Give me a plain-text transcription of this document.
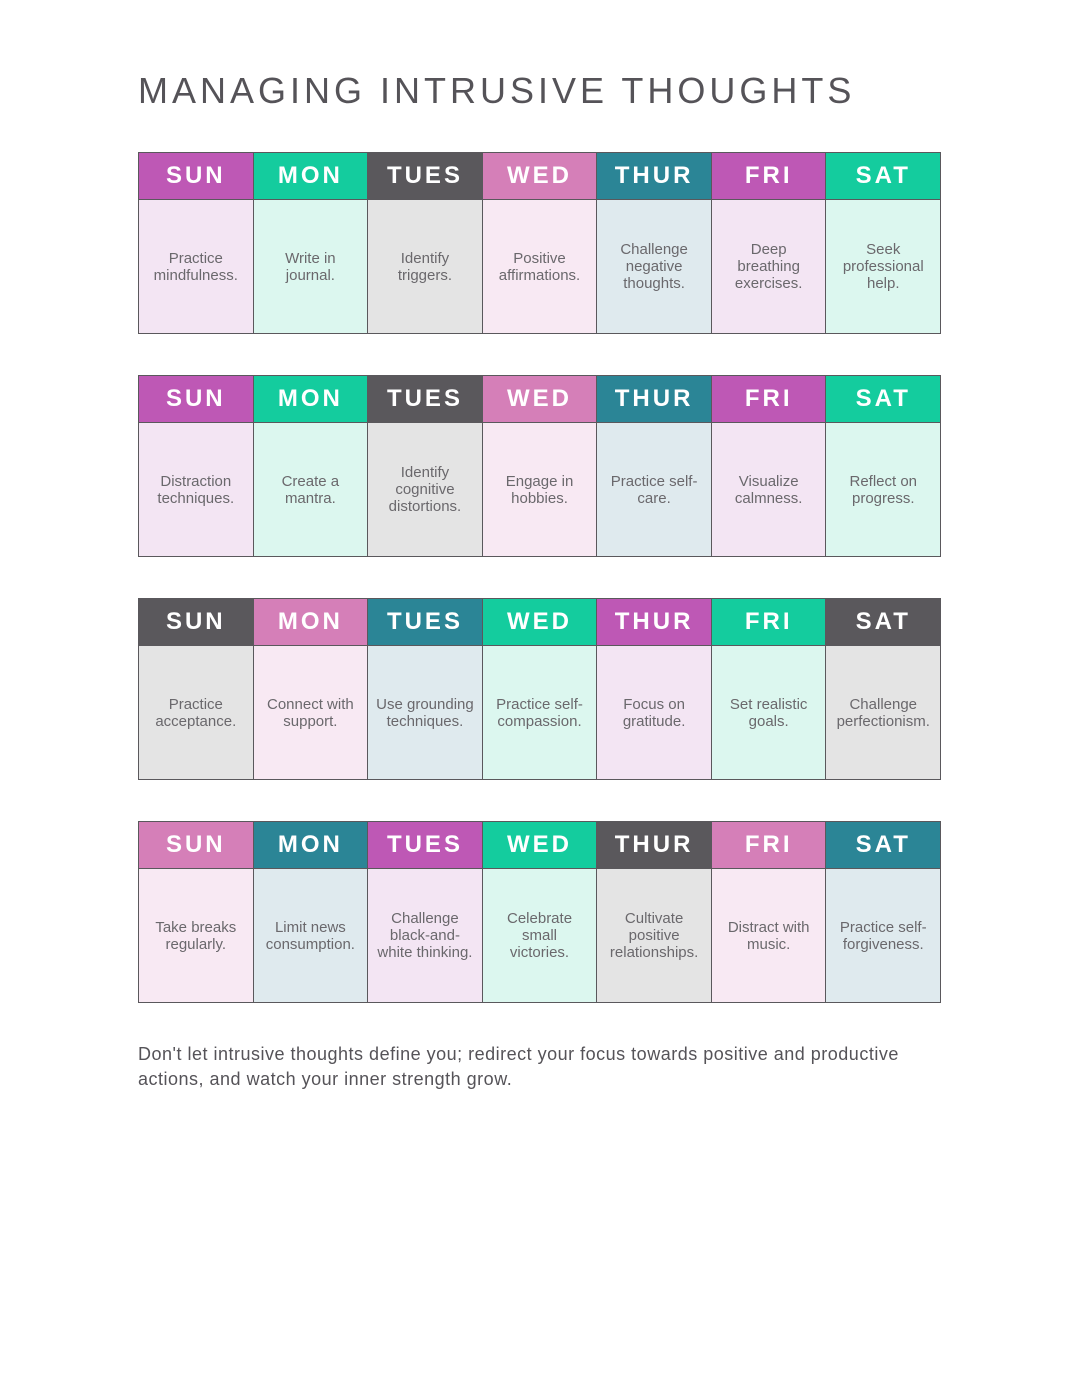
MANAGING INTRUSIVE THOUGHTS
SUN
Practice mindfulness.
MON
Write in journal.
TUES
Identify triggers.
WED
Positive affirmations.
THUR
Challenge negative thoughts.
FRI
Deep breathing exercises.
SAT
Seek professional help.
SUN
Distraction techniques.
MON
Create a mantra.
TUES
Identify cognitive distortions.
WED
Engage in hobbies.
THUR
Practice self-care.
FRI
Visualize calmness.
SAT
Reflect on progress.
SUN
Practice acceptance.
MON
Connect with support.
TUES
Use grounding techniques.
WED
Practice self-compassion.
THUR
Focus on gratitude.
FRI
Set realistic goals.
SAT
Challenge perfectionism.
SUN
Take breaks regularly.
MON
Limit news consumption.
TUES
Challenge black-and-white thinking.
WED
Celebrate small victories.
THUR
Cultivate positive relationships.
FRI
Distract with music.
SAT
Practice self-forgiveness.
Don't let intrusive thoughts define you; redirect your focus towards positive and productive actions, and watch your inner strength grow.
